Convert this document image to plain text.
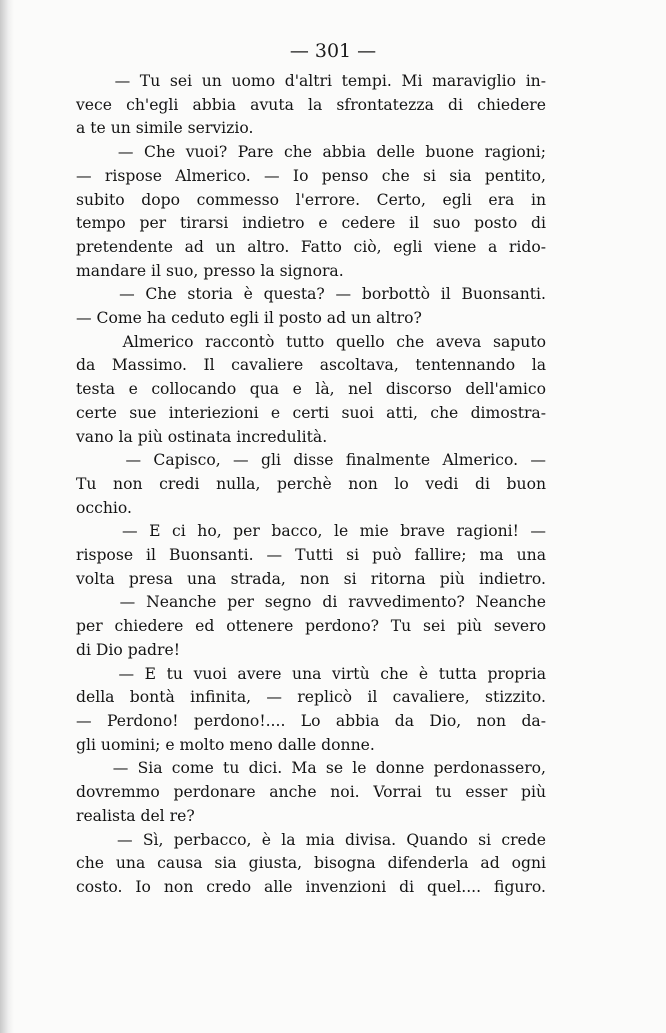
— 301 —

— Tu sei un uomo d'altri tempi. Mi maraviglio in-
vece ch'egli abbia avuta la sfrontatezza di chiedere
a te un simile servizio.
— Che vuoi? Pare che abbia delle buone ragioni;
— rispose Almerico. — Io penso che si sia pentito,
subito dopo commesso l'errore. Certo, egli era in
tempo per tirarsi indietro e cedere il suo posto di
pretendente ad un altro. Fatto ciò, egli viene a rido-
mandare il suo, presso la signora.
— Che storia è questa? — borbottò il Buonsanti.
— Come ha ceduto egli il posto ad un altro?
Almerico raccontò tutto quello che aveva saputo
da Massimo. Il cavaliere ascoltava, tentennando la
testa e collocando qua e là, nel discorso dell'amico
certe sue interiezioni e certi suoi atti, che dimostra-
vano la più ostinata incredulità.
— Capisco, — gli disse finalmente Almerico. —
Tu non credi nulla, perchè non lo vedi di buon
occhio.
— E ci ho, per bacco, le mie brave ragioni! —
rispose il Buonsanti. — Tutti si può fallire; ma una
volta presa una strada, non si ritorna più indietro.
— Neanche per segno di ravvedimento? Neanche
per chiedere ed ottenere perdono? Tu sei più severo
di Dio padre!
— E tu vuoi avere una virtù che è tutta propria
della bontà infinita, — replicò il cavaliere, stizzito.
— Perdono! perdono!.... Lo abbia da Dio, non da-
gli uomini; e molto meno dalle donne.
— Sia come tu dici. Ma se le donne perdonassero,
dovremmo perdonare anche noi. Vorrai tu esser più
realista del re?
— Sì, perbacco, è la mia divisa. Quando si crede
che una causa sia giusta, bisogna difenderla ad ogni
costo. Io non credo alle invenzioni di quel.... figuro.
